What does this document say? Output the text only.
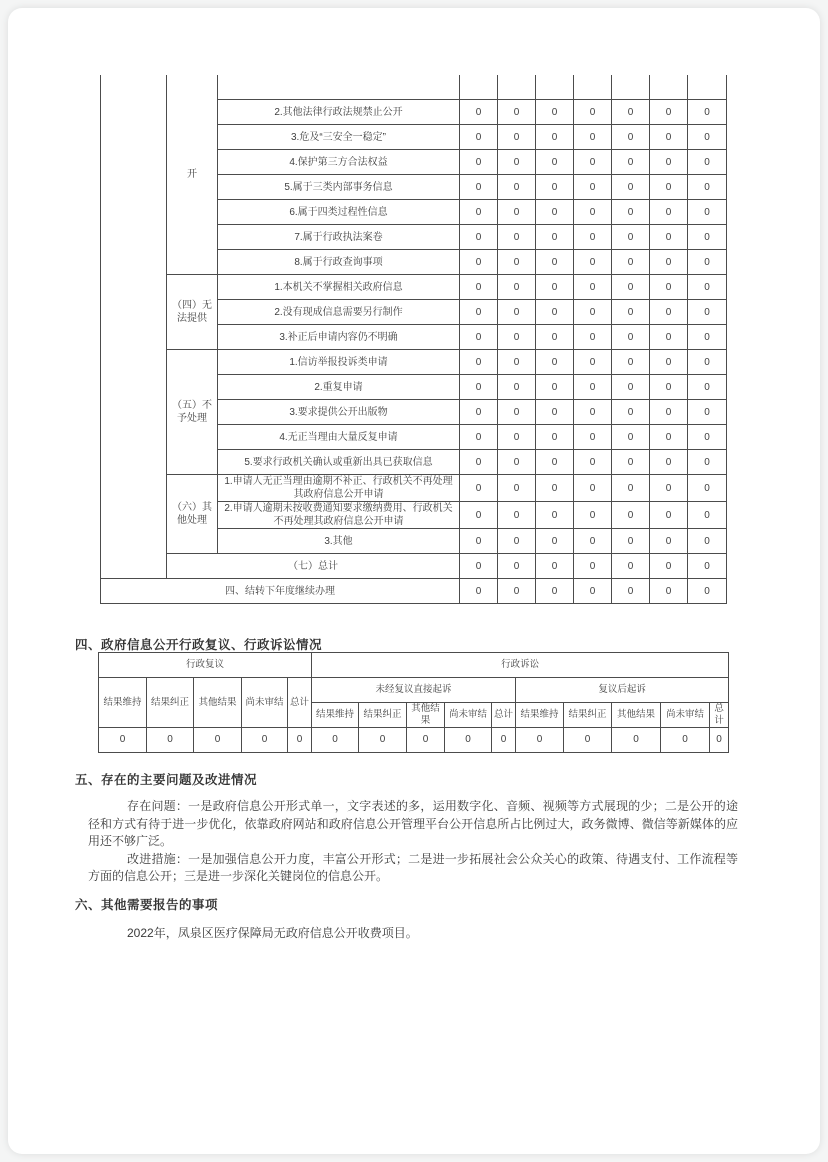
	开								
		2.其他法律行政法规禁止公开	0	0	0	0	0	0	0
		3.危及“三安全一稳定”	0	0	0	0	0	0	0
		4.保护第三方合法权益	0	0	0	0	0	0	0
		5.属于三类内部事务信息	0	0	0	0	0	0	0
		6.属于四类过程性信息	0	0	0	0	0	0	0
		7.属于行政执法案卷	0	0	0	0	0	0	0
		8.属于行政查询事项	0	0	0	0	0	0	0
	（四）无法提供	1.本机关不掌握相关政府信息	0	0	0	0	0	0	0
		2.没有现成信息需要另行制作	0	0	0	0	0	0	0
		3.补正后申请内容仍不明确	0	0	0	0	0	0	0
	（五）不予处理	1.信访举报投诉类申请	0	0	0	0	0	0	0
		2.重复申请	0	0	0	0	0	0	0
		3.要求提供公开出版物	0	0	0	0	0	0	0
		4.无正当理由大量反复申请	0	0	0	0	0	0	0
		5.要求行政机关确认或重新出具已获取信息	0	0	0	0	0	0	0
	（六）其他处理	1.申请人无正当理由逾期不补正、行政机关不再处理其政府信息公开申请	0	0	0	0	0	0	0
		2.申请人逾期未按收费通知要求缴纳费用、行政机关不再处理其政府信息公开申请	0	0	0	0	0	0	0
		3.其他	0	0	0	0	0	0	0
	（七）总计		0	0	0	0	0	0	0
四、结转下年度继续办理			0	0	0	0	0	0	0
四、政府信息公开行政复议、行政诉讼情况
行政复议					行政诉讼									
结果维持	结果纠正	其他结果	尚未审结	总计	未经复议直接起诉					复议后起诉				
					结果维持	结果纠正	其他结果	尚未审结	总计	结果维持	结果纠正	其他结果	尚未审结	总计
0	0	0	0	0	0	0	0	0	0	0	0	0	0	0
五、存在的主要问题及改进情况

存在问题：一是政府信息公开形式单一，文字表述的多，运用数字化、音频、视频等方式展现的少；二是公开的途径和方式有待于进一步优化，依靠政府网站和政府信息公开管理平台公开信息所占比例过大，政务微博、微信等新媒体的应用还不够广泛。

改进措施：一是加强信息公开力度，丰富公开形式；二是进一步拓展社会公众关心的政策、待遇支付、工作流程等方面的信息公开；三是进一步深化关键岗位的信息公开。

六、其他需要报告的事项

2022年，凤泉区医疗保障局无政府信息公开收费项目。
